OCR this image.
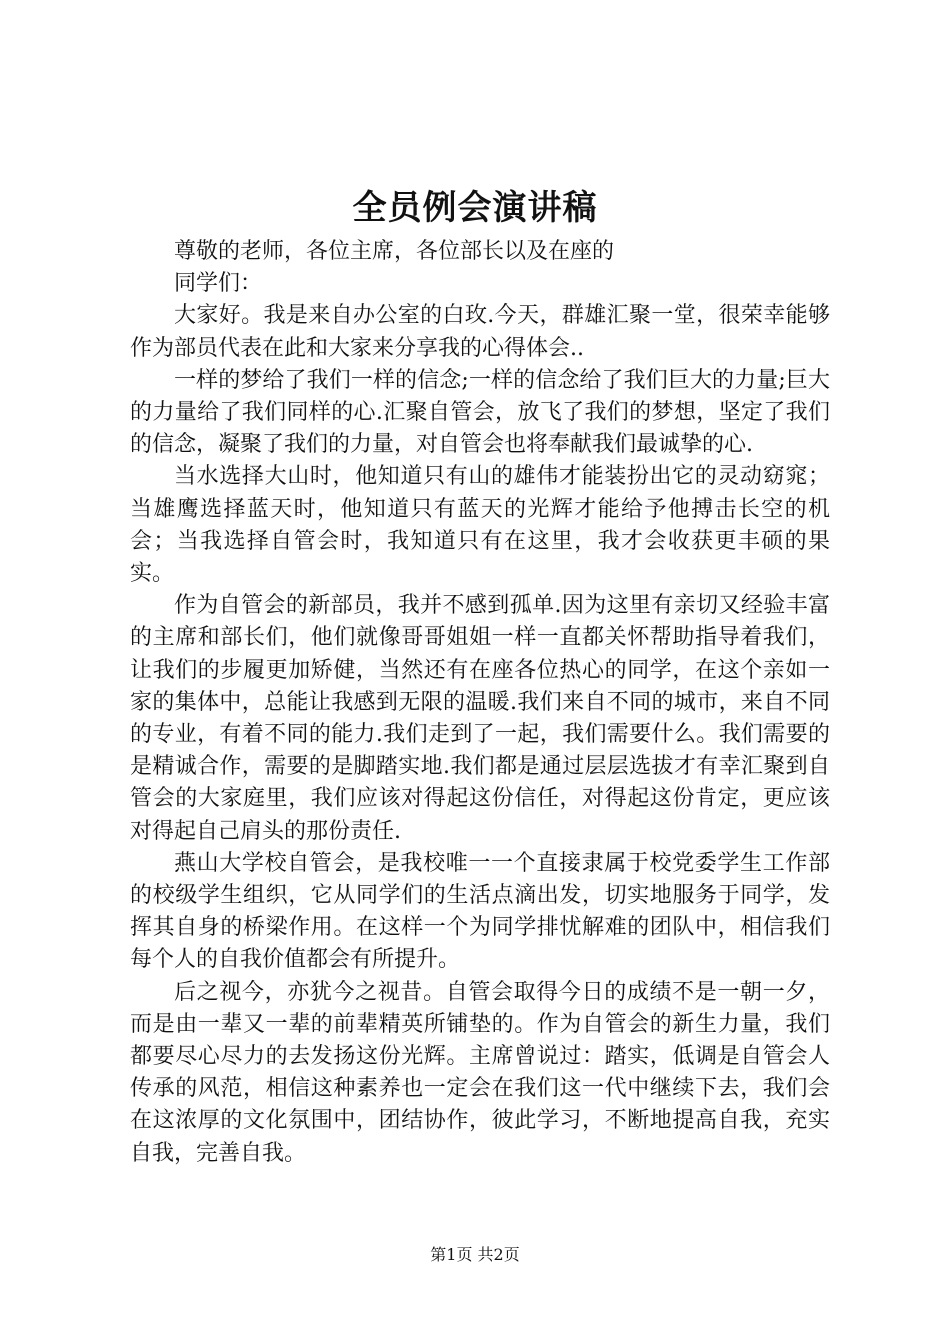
全员例会演讲稿

尊敬的老师，各位主席，各位部长以及在座的

同学们：

大家好。我是来自办公室的白玫.今天，群雄汇聚一堂，很荣幸能够作为部员代表在此和大家来分享我的心得体会..

一样的梦给了我们一样的信念;一样的信念给了我们巨大的力量;巨大的力量给了我们同样的心.汇聚自管会，放飞了我们的梦想，坚定了我们的信念，凝聚了我们的力量，对自管会也将奉献我们最诚挚的心.

当水选择大山时，他知道只有山的雄伟才能装扮出它的灵动窈窕；当雄鹰选择蓝天时，他知道只有蓝天的光辉才能给予他搏击长空的机会；当我选择自管会时，我知道只有在这里，我才会收获更丰硕的果实。

作为自管会的新部员，我并不感到孤单.因为这里有亲切又经验丰富的主席和部长们，他们就像哥哥姐姐一样一直都关怀帮助指导着我们，让我们的步履更加矫健，当然还有在座各位热心的同学，在这个亲如一家的集体中，总能让我感到无限的温暖.我们来自不同的城市，来自不同的专业，有着不同的能力.我们走到了一起，我们需要什么。我们需要的是精诚合作，需要的是脚踏实地.我们都是通过层层选拔才有幸汇聚到自管会的大家庭里，我们应该对得起这份信任，对得起这份肯定，更应该对得起自己肩头的那份责任.

燕山大学校自管会，是我校唯一一个直接隶属于校党委学生工作部的校级学生组织，它从同学们的生活点滴出发，切实地服务于同学，发挥其自身的桥梁作用。在这样一个为同学排忧解难的团队中，相信我们每个人的自我价值都会有所提升。

后之视今，亦犹今之视昔。自管会取得今日的成绩不是一朝一夕，而是由一辈又一辈的前辈精英所铺垫的。作为自管会的新生力量，我们都要尽心尽力的去发扬这份光辉。主席曾说过：踏实，低调是自管会人传承的风范，相信这种素养也一定会在我们这一代中继续下去，我们会在这浓厚的文化氛围中，团结协作，彼此学习，不断地提高自我，充实自我，完善自我。

第1页 共2页
